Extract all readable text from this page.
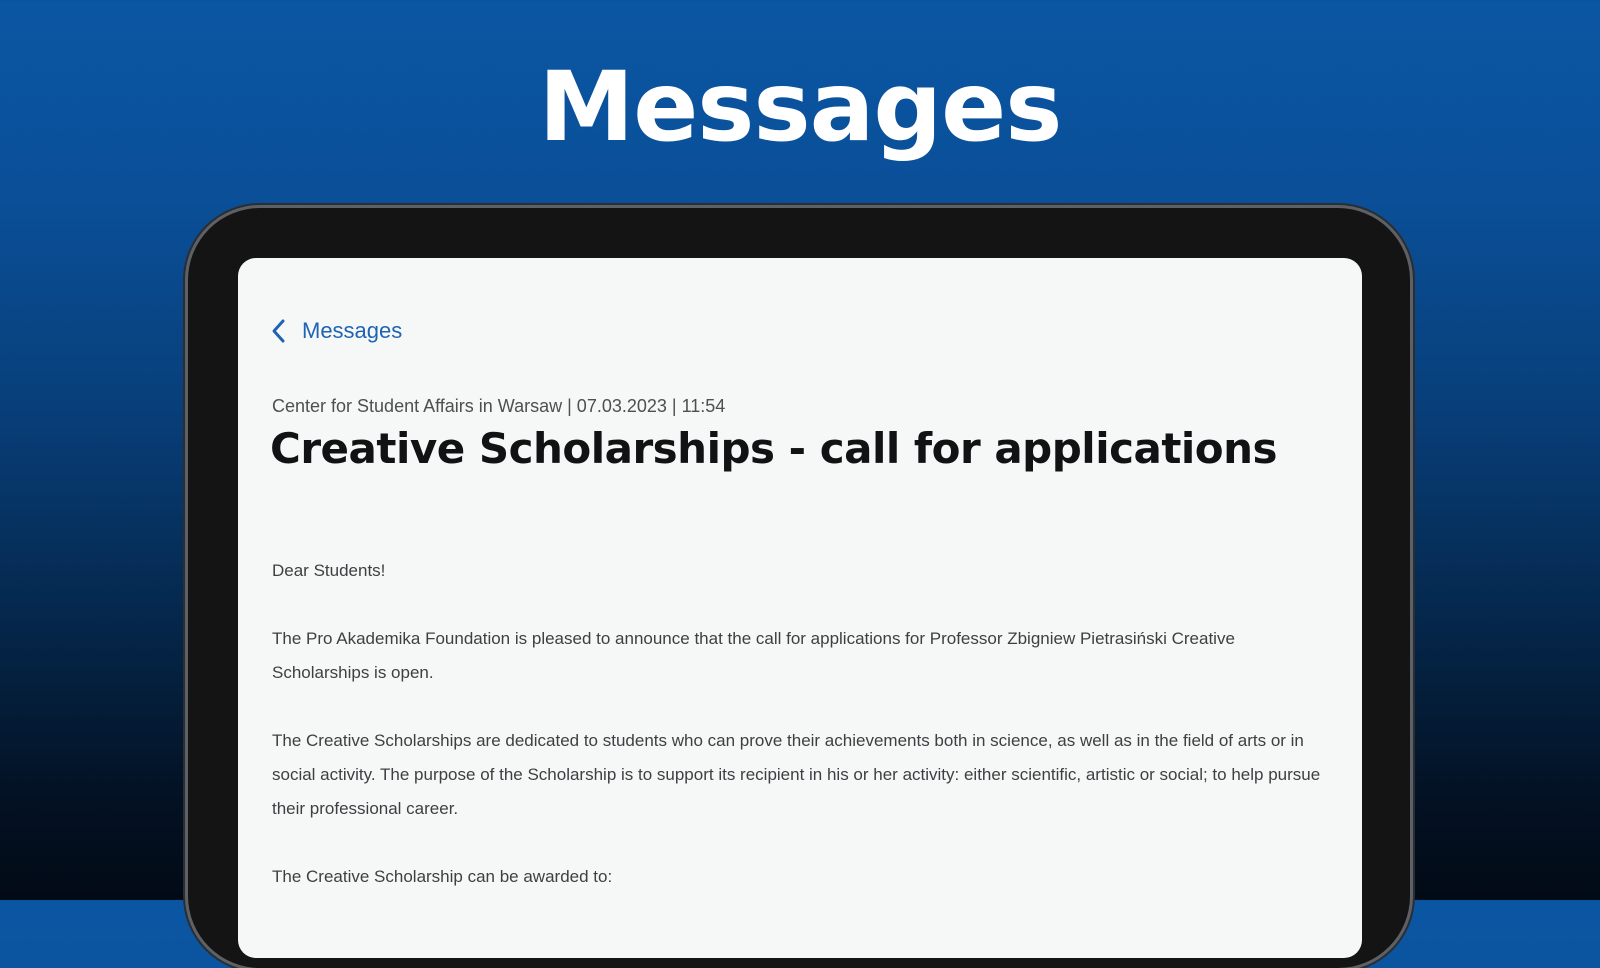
Messages
Messages
Center for Student Affairs in Warsaw | 07.03.2023 | 11:54
Creative Scholarships - call for applications

Dear Students!

The Pro Akademika Foundation is pleased to announce that the call for applications for Professor Zbigniew Pietrasiński Creative Scholarships is open.

The Creative Scholarships are dedicated to students who can prove their achievements both in science, as well as in the field of arts or in social activity. The purpose of the Scholarship is to support its recipient in his or her activity: either scientific, artistic or social; to help pursue their professional career.

The Creative Scholarship can be awarded to:
